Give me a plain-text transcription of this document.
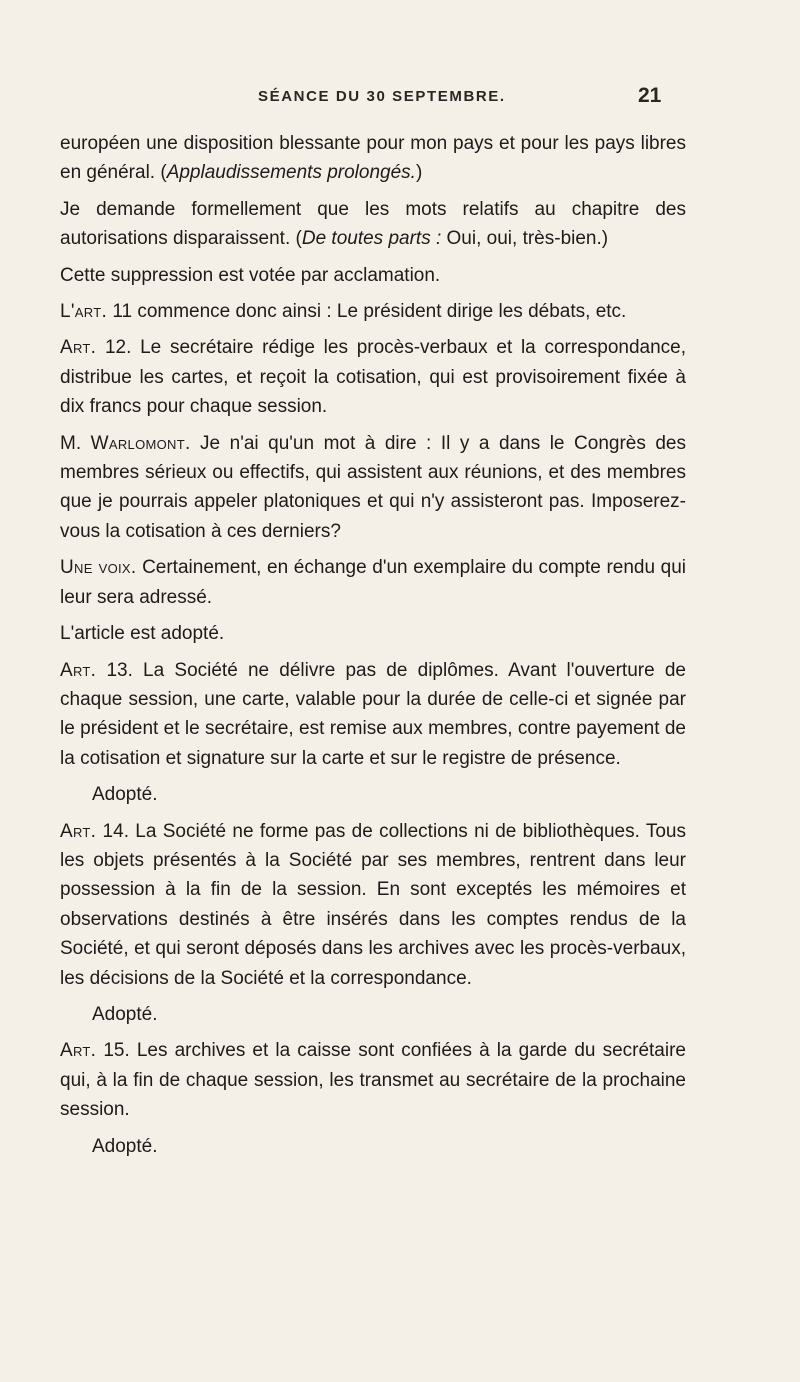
SÉANCE DU 30 SEPTEMBRE.	21

européen une disposition blessante pour mon pays et pour les pays libres en général. (Applaudissements prolongés.)

Je demande formellement que les mots relatifs au chapitre des autorisations disparaissent. (De toutes parts : Oui, oui, très-bien.)

Cette suppression est votée par acclamation.

L'art. 11 commence donc ainsi : Le président dirige les débats, etc.

Art. 12. Le secrétaire rédige les procès-verbaux et la correspondance, distribue les cartes, et reçoit la cotisation, qui est provisoirement fixée à dix francs pour chaque session.

M. Warlomont. Je n'ai qu'un mot à dire : Il y a dans le Congrès des membres sérieux ou effectifs, qui assistent aux réunions, et des membres que je pourrais appeler platoniques et qui n'y assisteront pas. Imposerez-vous la cotisation à ces derniers?

Une voix. Certainement, en échange d'un exemplaire du compte rendu qui leur sera adressé.

L'article est adopté.

Art. 13. La Société ne délivre pas de diplômes. Avant l'ouverture de chaque session, une carte, valable pour la durée de celle-ci et signée par le président et le secrétaire, est remise aux membres, contre payement de la cotisation et signature sur la carte et sur le registre de présence.

Adopté.

Art. 14. La Société ne forme pas de collections ni de bibliothèques. Tous les objets présentés à la Société par ses membres, rentrent dans leur possession à la fin de la session. En sont exceptés les mémoires et observations destinés à être insérés dans les comptes rendus de la Société, et qui seront déposés dans les archives avec les procès-verbaux, les décisions de la Société et la correspondance.

Adopté.

Art. 15. Les archives et la caisse sont confiées à la garde du secrétaire qui, à la fin de chaque session, les transmet au secrétaire de la prochaine session.

Adopté.
